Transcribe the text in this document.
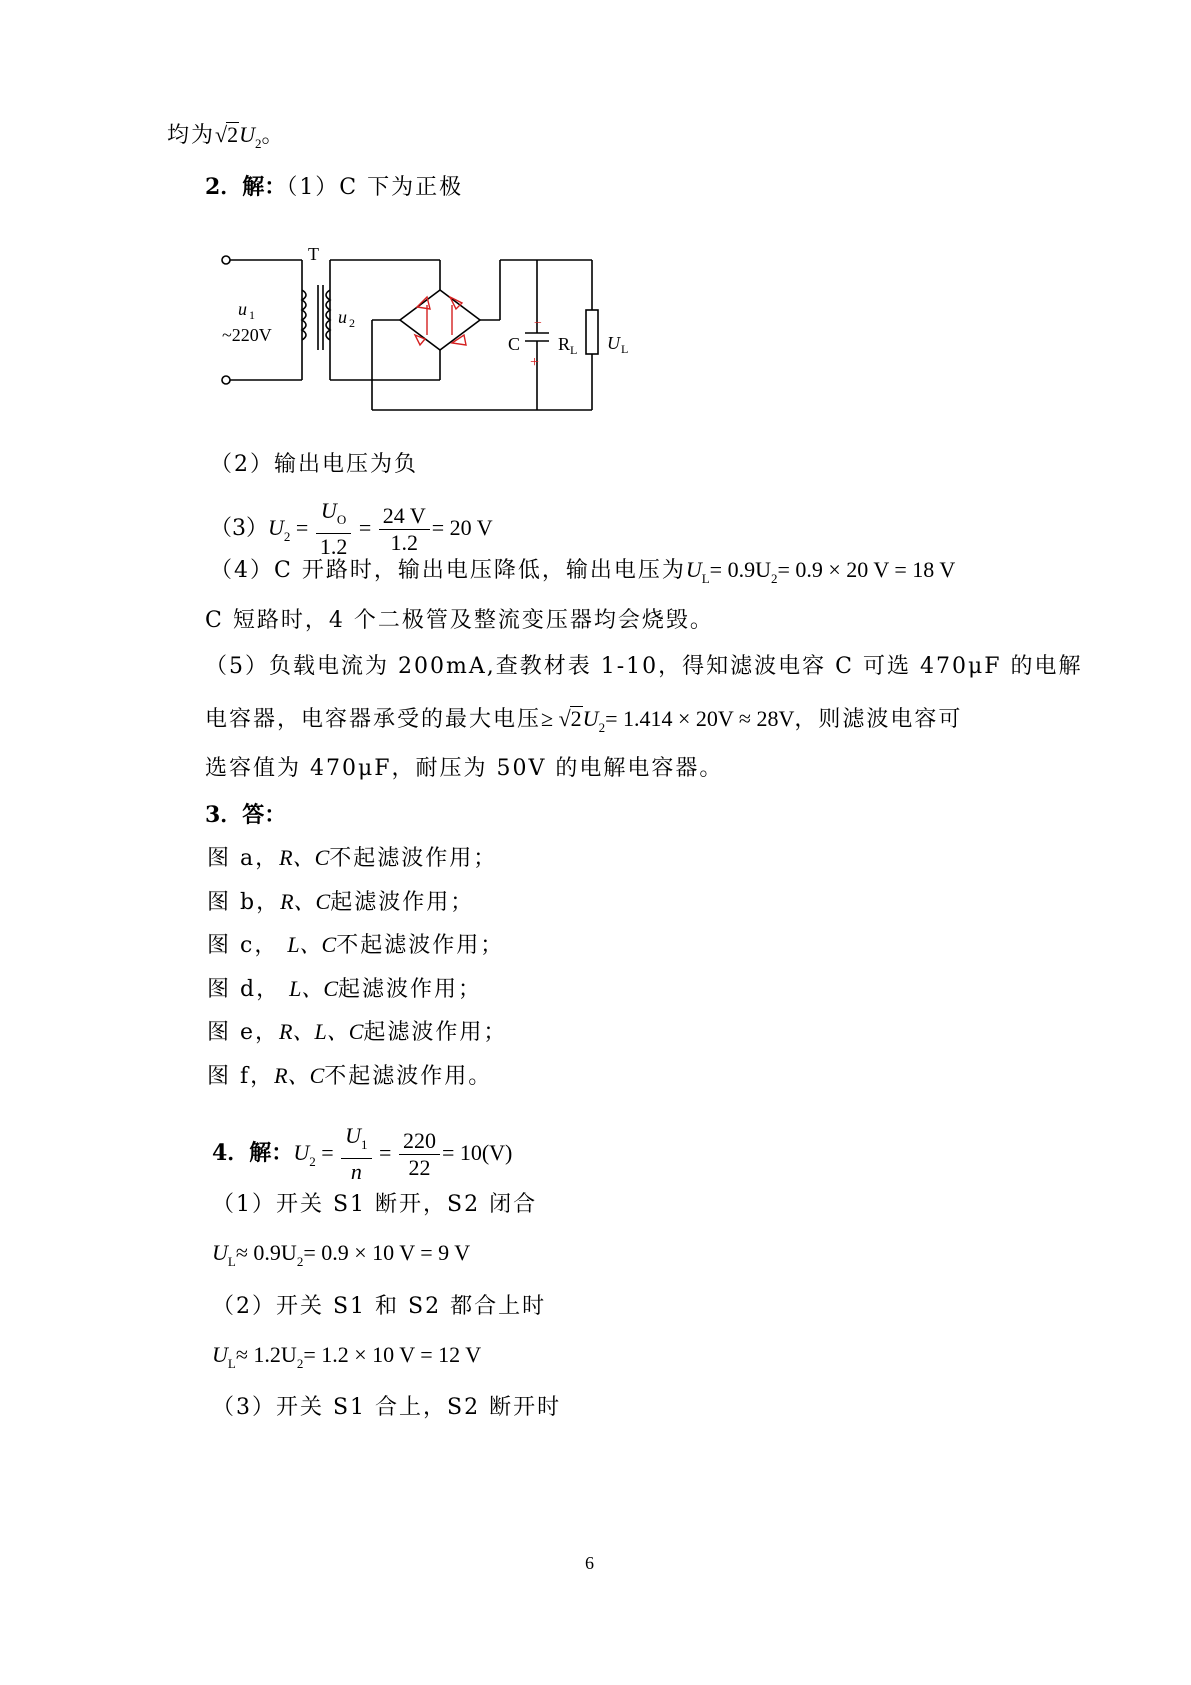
均为$√2U_2$。
2．解：（1）C 下为正极
T
u 1
~220V
u 2
C
−
+
R L U L
（2）输出电压为负
$(3)U_2 = \frac{U_O}{1.2} = \frac{24 V}{1.2} = 20$ V
（4）C 开路时，输出电压降低，输出电压为$U_L= 0.9U_2= 0.9 \times 20$ V = 18 V
C 短路时，4 个二极管及整流变压器均会烧毁。
（5）负载电流为 200mA,查教材表 1-10，得知滤波电容 C 可选 470μF 的电解
电容器，电容器承受的最大电压≥ $√2U_2= 1.414 \times 20V \approx 28V$，则滤波电容可
选容值为 470μF，耐压为 50V 的电解电容器。
3．答：
图 a，R、C不起滤波作用；
图 b，R、C起滤波作用；
图 c， L、C不起滤波作用；
图 d， L、C起滤波作用；
图 e，R、L、C起滤波作用；
图 f，R、C不起滤波作用。
4．解：$U_2 = \frac{U_1}{n} = \frac{220}{22} = 10(V)$
（1）开关 S1 断开，S2 闭合
$U_L\approx 0.9U_2= 0.9 \times 10$ V = 9 V
（2）开关 S1 和 S2 都合上时
$U_L\approx 1.2U_2= 1.2 \times 10$ V = 12 V
（3）开关 S1 合上，S2 断开时
6
